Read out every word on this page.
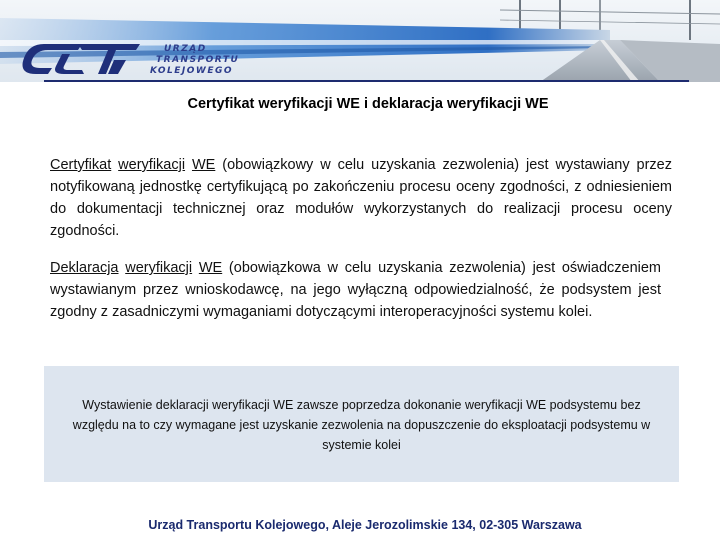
URZĄD
TRANSPORTU
KOLEJOWEGO
Certyfikat weryfikacji WE i deklaracja weryfikacji WE
Certyfikat weryfikacji WE (obowiązkowy w celu uzyskania zezwolenia) jest wystawiany przez notyfikowaną jednostkę certyfikującą po zakończeniu procesu oceny zgodności, z odniesieniem do dokumentacji technicznej oraz modułów wykorzystanych do realizacji procesu oceny zgodności.
Deklaracja weryfikacji WE (obowiązkowa w celu uzyskania zezwolenia) jest oświadczeniem wystawianym przez wnioskodawcę, na jego wyłączną odpowiedzialność, że podsystem jest zgodny z zasadniczymi wymaganiami dotyczącymi interoperacyjności systemu kolei.
Wystawienie deklaracji weryfikacji WE zawsze poprzedza dokonanie weryfikacji WE podsystemu bez względu na to czy wymagane jest uzyskanie zezwolenia na dopuszczenie do eksploatacji podsystemu w systemie kolei
Urząd Transportu Kolejowego, Aleje Jerozolimskie 134, 02-305 Warszawa
